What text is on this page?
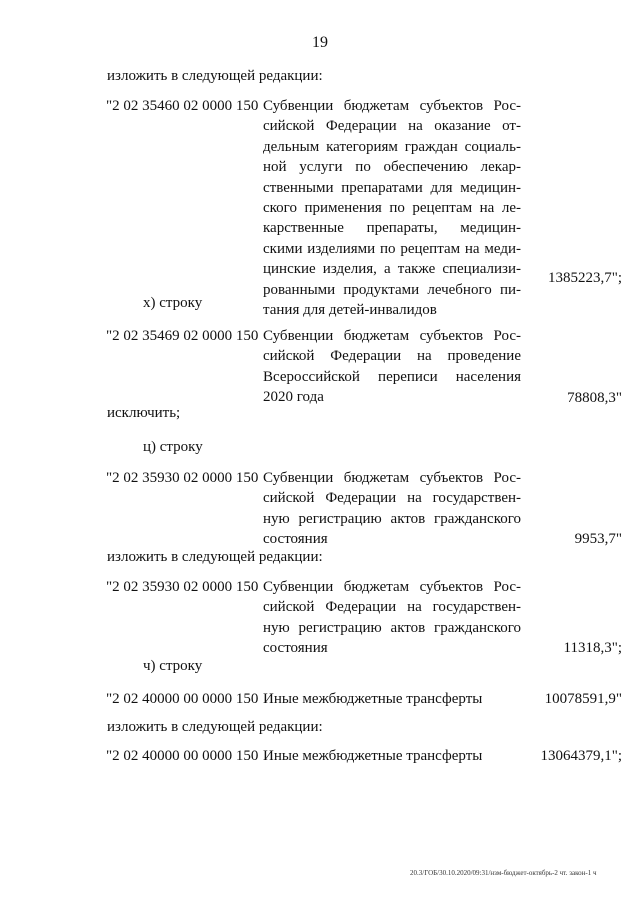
19
изложить в следующей редакции:
"2 02 35460 02 0000 150 Субвенции бюджетам субъектов Рос-
сийской Федерации на оказание от-
дельным категориям граждан социаль-
ной услуги по обеспечению лекар-
ственными препаратами для медицин-
ского применения по рецептам на ле-
карственные препараты, медицин-
скими изделиями по рецептам на меди-
цинские изделия, а также специализи-
рованными продуктами лечебного пи-
тания для детей-инвалидов
1385223,7";
х) строку
"2 02 35469 02 0000 150 Субвенции бюджетам субъектов Рос-
сийской Федерации на проведение
Всероссийской переписи населения
2020 года	78808,3"
исключить;
ц) строку
"2 02 35930 02 0000 150 Субвенции бюджетам субъектов Рос-
сийской Федерации на государствен-
ную регистрацию актов гражданского
состояния	9953,7"
изложить в следующей редакции:
"2 02 35930 02 0000 150 Субвенции бюджетам субъектов Рос-
сийской Федерации на государствен-
ную регистрацию актов гражданского
состояния	11318,3";
ч) строку
"2 02 40000 00 0000 150 Иные межбюджетные трансферты	10078591,9"
изложить в следующей редакции:
"2 02 40000 00 0000 150 Иные межбюджетные трансферты	13064379,1";
20.3/ГОБ/30.10.2020/09:31/нзм-бюджет-октябрь-2 чт. закон-1 ч
